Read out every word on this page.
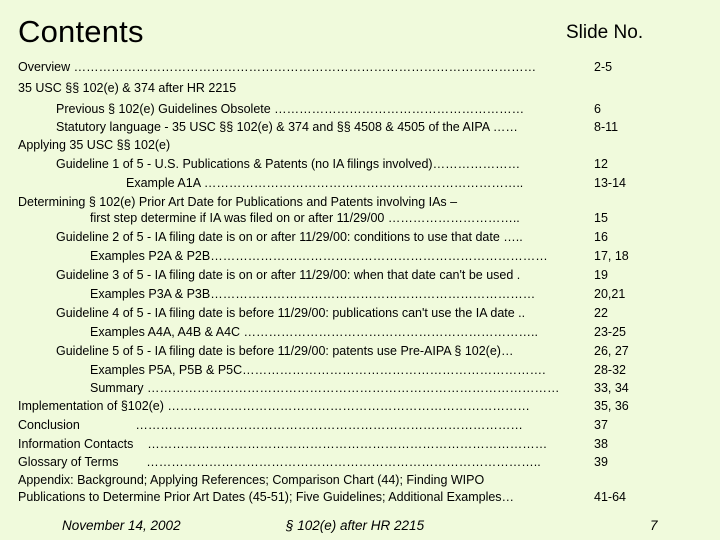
Contents	Slide No.
Overview …………………………………………………………………………………………………	2-5
35 USC §§ 102(e) & 374 after HR 2215
Previous § 102(e) Guidelines Obsolete ……………………………………………………	6
Statutory language - 35 USC §§ 102(e) & 374 and §§ 4508 & 4505 of the AIPA ……	8-11
Applying 35 USC §§ 102(e)
Guideline 1 of 5 - U.S. Publications & Patents (no IA filings involved)…………………	12
Example A1A …………………………………………………………………..	13-14
Determining § 102(e) Prior Art Date for Publications and Patents involving IAs –
first step determine if IA was filed on or after 11/29/00 …………………………..	15
Guideline 2 of 5 - IA filing date is on or after 11/29/00: conditions to use that date …..	16
Examples P2A & P2B………………………………………………………………………	17, 18
Guideline 3 of 5 - IA filing date is on or after 11/29/00: when that date can't be used .	19
Examples P3A & P3B……………………………………………………………………	20,21
Guideline 4 of 5 - IA filing date is before 11/29/00: publications can't use the IA date ..	22
Examples A4A, A4B & A4C ……………………………………………………………..	23-25
Guideline 5 of 5 - IA filing date is before 11/29/00: patents use Pre-AIPA § 102(e)…	26, 27
Examples P5A, P5B & P5C……………………………………………………………….	28-32
Summary ………………………………………………………………………………………	33, 34
Implementation of §102(e) ……………………………………………………………………………	35, 36
Conclusion                …………………………………………………………………………………	37
Information Contacts    ……………………………………………………………………………………	38
Glossary of Terms        …………………………………………………………………………………..	39
Appendix: Background; Applying References; Comparison Chart (44); Finding WIPO
Publications to Determine Prior Art Dates (45-51); Five Guidelines; Additional Examples…	41-64
November 14, 2002	§ 102(e) after HR 2215	7
